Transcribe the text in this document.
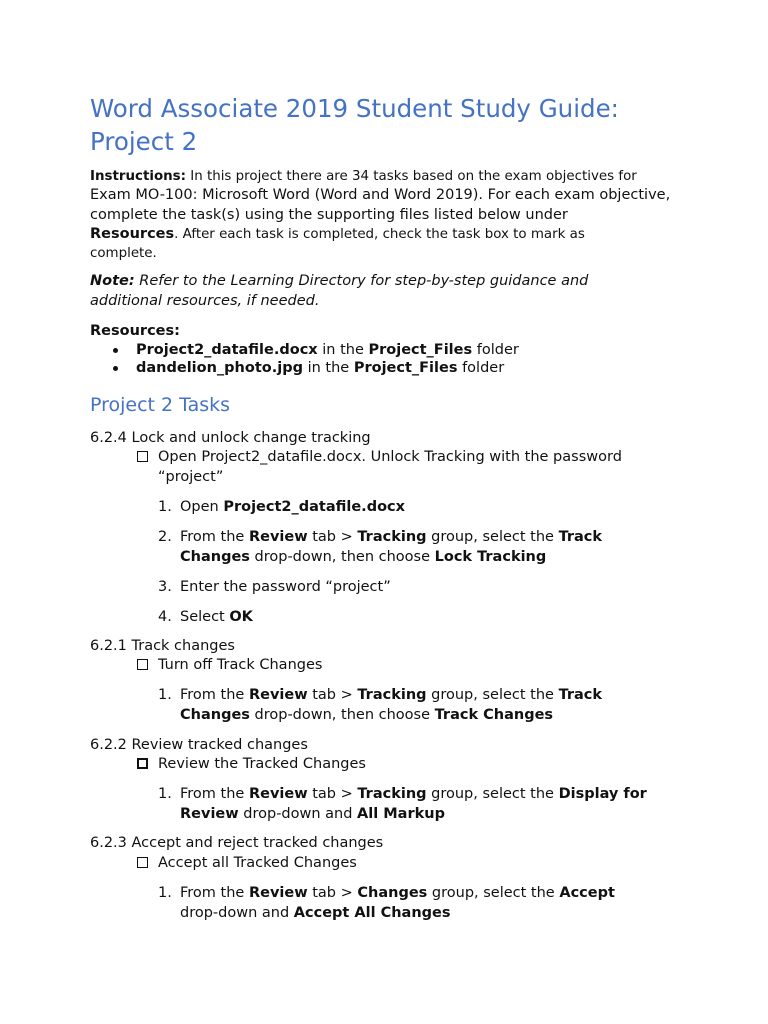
Word Associate 2019 Student Study Guide:
Project 2
Instructions: In this project there are 34 tasks based on the exam objectives for
Exam MO-100: Microsoft Word (Word and Word 2019). For each exam objective,
complete the task(s) using the supporting files listed below under
Resources. After each task is completed, check the task box to mark as
complete.
Note: Refer to the Learning Directory for step-by-step guidance and
additional resources, if needed.
Resources:
Project2_datafile.docx in the Project_Files folder
dandelion_photo.jpg in the Project_Files folder
Project 2 Tasks
6.2.4 Lock and unlock change tracking
Open Project2_datafile.docx. Unlock Tracking with the password
“project”
1. Open Project2_datafile.docx
2. From the Review tab > Tracking group, select the Track
Changes drop-down, then choose Lock Tracking
3. Enter the password “project”
4. Select OK
6.2.1 Track changes
Turn off Track Changes
1. From the Review tab > Tracking group, select the Track
Changes drop-down, then choose Track Changes
6.2.2 Review tracked changes
Review the Tracked Changes
1. From the Review tab > Tracking group, select the Display for
Review drop-down and All Markup
6.2.3 Accept and reject tracked changes
Accept all Tracked Changes
1. From the Review tab > Changes group, select the Accept
drop-down and Accept All Changes
